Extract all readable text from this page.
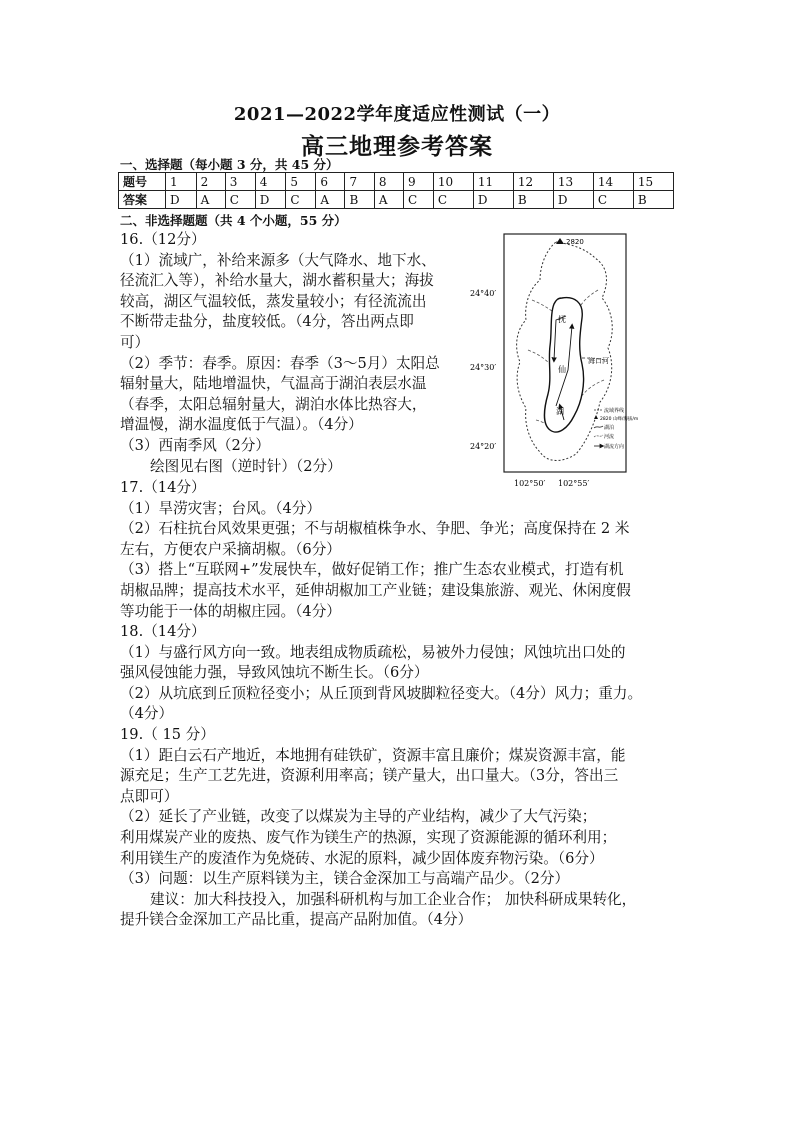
2021—2022学年度适应性测试（一）
高三地理参考答案
一、选择题（每小题 3 分，共 45 分）
题号	1	2	3	4	5	6	7	8	9	10	11	12	13	14	15
答案	D	A	C	D	C	A	B	A	C	C	D	B	D	C	B
二、非选择题题（共 4 个小题，55 分）
16.（12分）
（1）流域广，补给来源多（大气降水、地下水、
径流汇入等），补给水量大，湖水蓄积量大；海拔
较高，湖区气温较低，蒸发量较小；有径流流出
不断带走盐分，盐度较低。（4分，答出两点即
可）
（2）季节：春季。原因：春季（3～5月）太阳总
辐射量大，陆地增温快，气温高于湖泊表层水温
（春季，太阳总辐射量大，湖泊水体比热容大，
增温慢，湖水温度低于气温）。（4分）
（3）西南季风（2分）
绘图见右图（逆时针）（2分）
2820
抚
仙
湖
海口河
24°40′
24°30′
24°20′
102°50′ 102°55′
流域界线
2820 山峰/海拔/m
湖泊
河流
湖流方向
17.（14分）
（1）旱涝灾害；台风。（4分）
（2）石柱抗台风效果更强；不与胡椒植株争水、争肥、争光；高度保持在 2 米
左右，方便农户采摘胡椒。（6分）
（3）搭上“互联网+”发展快车，做好促销工作；推广生态农业模式，打造有机
胡椒品牌；提高技术水平，延伸胡椒加工产业链；建设集旅游、观光、休闲度假
等功能于一体的胡椒庄园。（4分）
18.（14分）
（1）与盛行风方向一致。地表组成物质疏松，易被外力侵蚀；风蚀坑出口处的
强风侵蚀能力强，导致风蚀坑不断生长。（6分）
（2）从坑底到丘顶粒径变小；从丘顶到背风坡脚粒径变大。（4分）风力；重力。
（4分）
19.（ 15 分）
（1）距白云石产地近，本地拥有硅铁矿，资源丰富且廉价；煤炭资源丰富，能
源充足；生产工艺先进，资源利用率高；镁产量大，出口量大。（3分，答出三
点即可）
（2）延长了产业链，改变了以煤炭为主导的产业结构，减少了大气污染；
利用煤炭产业的废热、废气作为镁生产的热源，实现了资源能源的循环利用；
利用镁生产的废渣作为免烧砖、水泥的原料，减少固体废弃物污染。（6分）
（3）问题：以生产原料镁为主，镁合金深加工与高端产品少。（2分）
建议：加大科技投入，加强科研机构与加工企业合作； 加快科研成果转化，
提升镁合金深加工产品比重，提高产品附加值。（4分）
